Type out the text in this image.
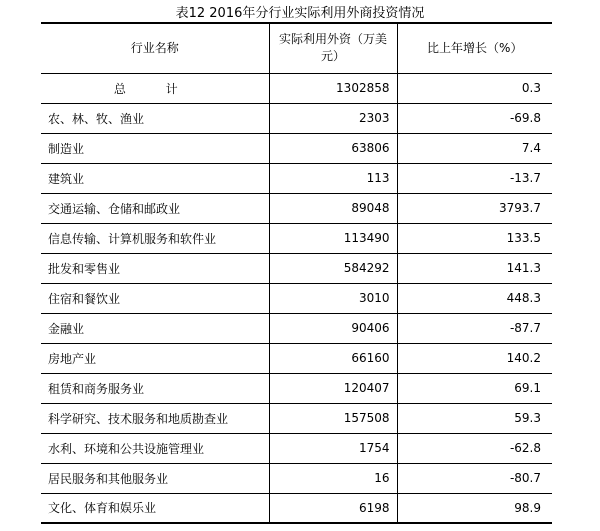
表12 2016年分行业实际利用外商投资情况
行业名称	实际利用外资（万美元）	比上年增长（%）
总 计	1302858	0.3
农、林、牧、渔业	2303	-69.8
制造业	63806	7.4
建筑业	113	-13.7
交通运输、仓储和邮政业	89048	3793.7
信息传输、计算机服务和软件业	113490	133.5
批发和零售业	584292	141.3
住宿和餐饮业	3010	448.3
金融业	90406	-87.7
房地产业	66160	140.2
租赁和商务服务业	120407	69.1
科学研究、技术服务和地质勘查业	157508	59.3
水利、环境和公共设施管理业	1754	-62.8
居民服务和其他服务业	16	-80.7
文化、体育和娱乐业	6198	98.9
